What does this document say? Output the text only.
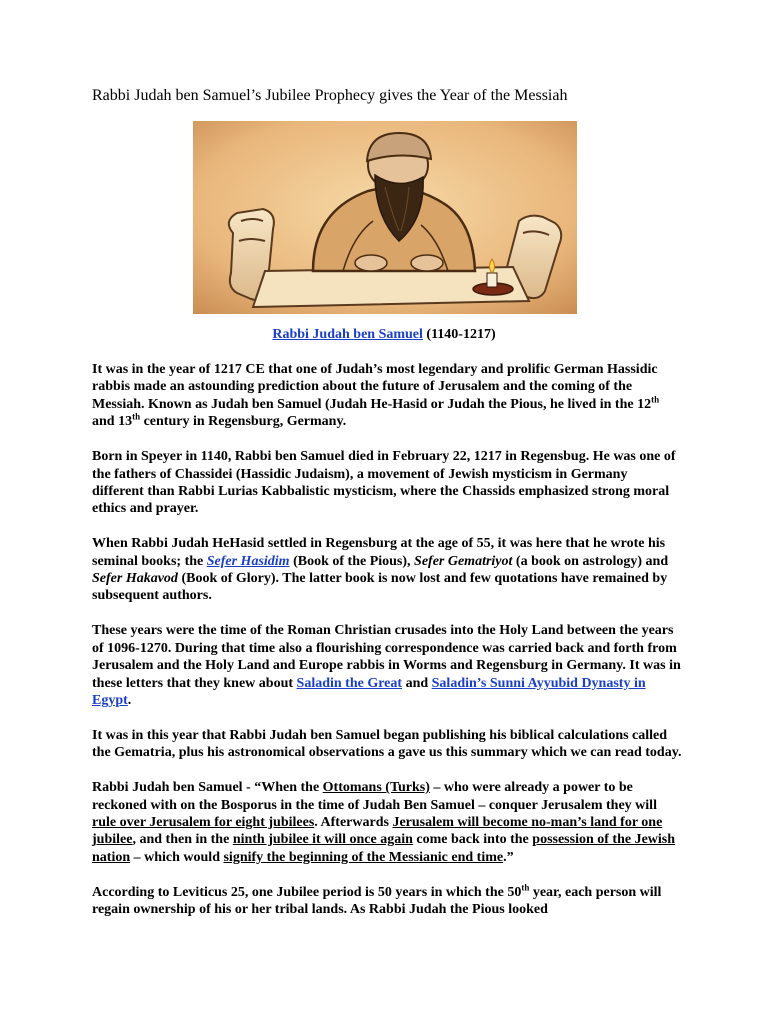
Rabbi Judah ben Samuel’s Jubilee Prophecy gives the Year of the Messiah
Rabbi Judah ben Samuel (1140-1217)

It was in the year of 1217 CE that one of Judah’s most legendary and prolific German Hassidic rabbis made an astounding prediction about the future of Jerusalem and the coming of the Messiah. Known as Judah ben Samuel (Judah He-Hasid or Judah the Pious, he lived in the 12th and 13th century in Regensburg, Germany.

Born in Speyer in 1140, Rabbi ben Samuel died in February 22, 1217 in Regensbug. He was one of the fathers of Chassidei (Hassidic Judaism), a movement of Jewish mysticism in Germany different than Rabbi Lurias Kabbalistic mysticism, where the Chassids emphasized strong moral ethics and prayer.

When Rabbi Judah HeHasid settled in Regensburg at the age of 55, it was here that he wrote his seminal books; the Sefer Hasidim (Book of the Pious), Sefer Gematriyot (a book on astrology) and Sefer Hakavod (Book of Glory). The latter book is now lost and few quotations have remained by subsequent authors.

These years were the time of the Roman Christian crusades into the Holy Land between the years of 1096-1270. During that time also a flourishing correspondence was carried back and forth from Jerusalem and the Holy Land and Europe rabbis in Worms and Regensburg in Germany. It was in these letters that they knew about Saladin the Great and Saladin’s Sunni Ayyubid Dynasty in Egypt.

It was in this year that Rabbi Judah ben Samuel began publishing his biblical calculations called the Gematria, plus his astronomical observations a gave us this summary which we can read today.

Rabbi Judah ben Samuel - “When the Ottomans (Turks) – who were already a power to be reckoned with on the Bosporus in the time of Judah Ben Samuel – conquer Jerusalem they will rule over Jerusalem for eight jubilees. Afterwards Jerusalem will become no-man’s land for one jubilee, and then in the ninth jubilee it will once again come back into the possession of the Jewish nation – which would signify the beginning of the Messianic end time.”

According to Leviticus 25, one Jubilee period is 50 years in which the 50th year, each person will regain ownership of his or her tribal lands. As Rabbi Judah the Pious looked
